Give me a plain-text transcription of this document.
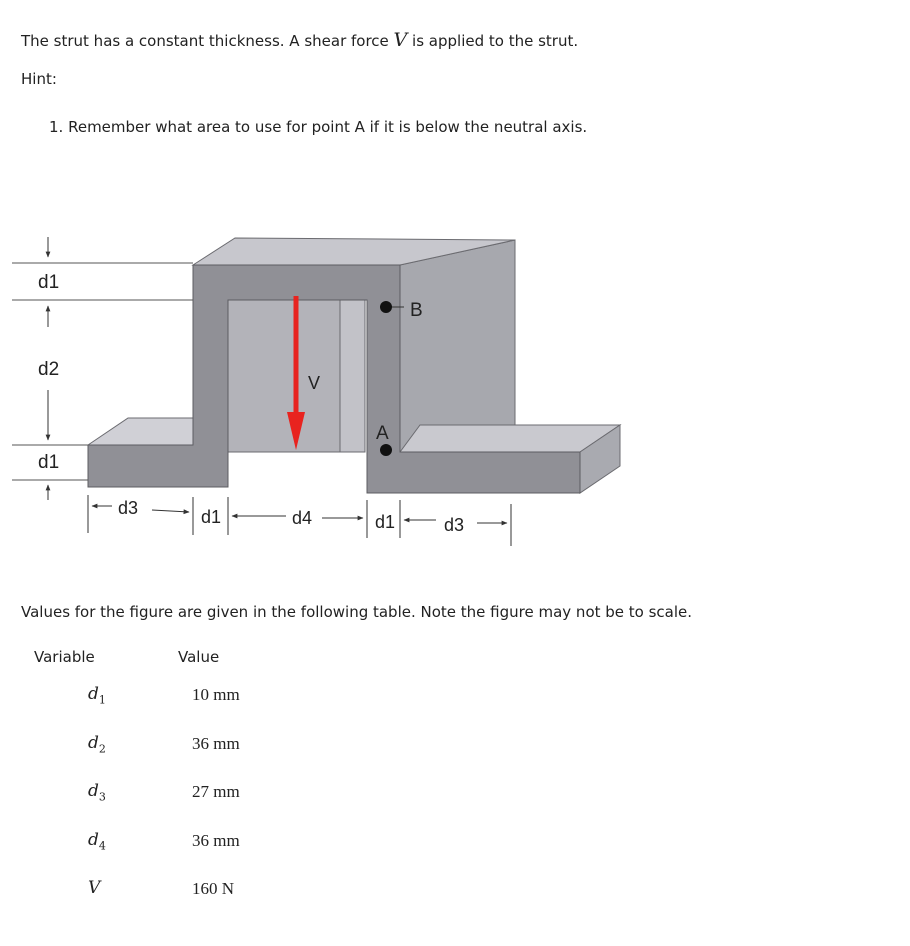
The strut has a constant thickness. A shear force V is applied to the strut.
Hint:
1. Remember what area to use for point A if it is below the neutral axis.
d1
d2
d1
V
B
A
d3	d1	d4	d1	d3
Values for the figure are given in the following table. Note the figure may not be to scale.
Variable	Value
$d_1$	10 mm
$d_2$	36 mm
$d_3$	27 mm
$d_4$	36 mm
V	160 N
